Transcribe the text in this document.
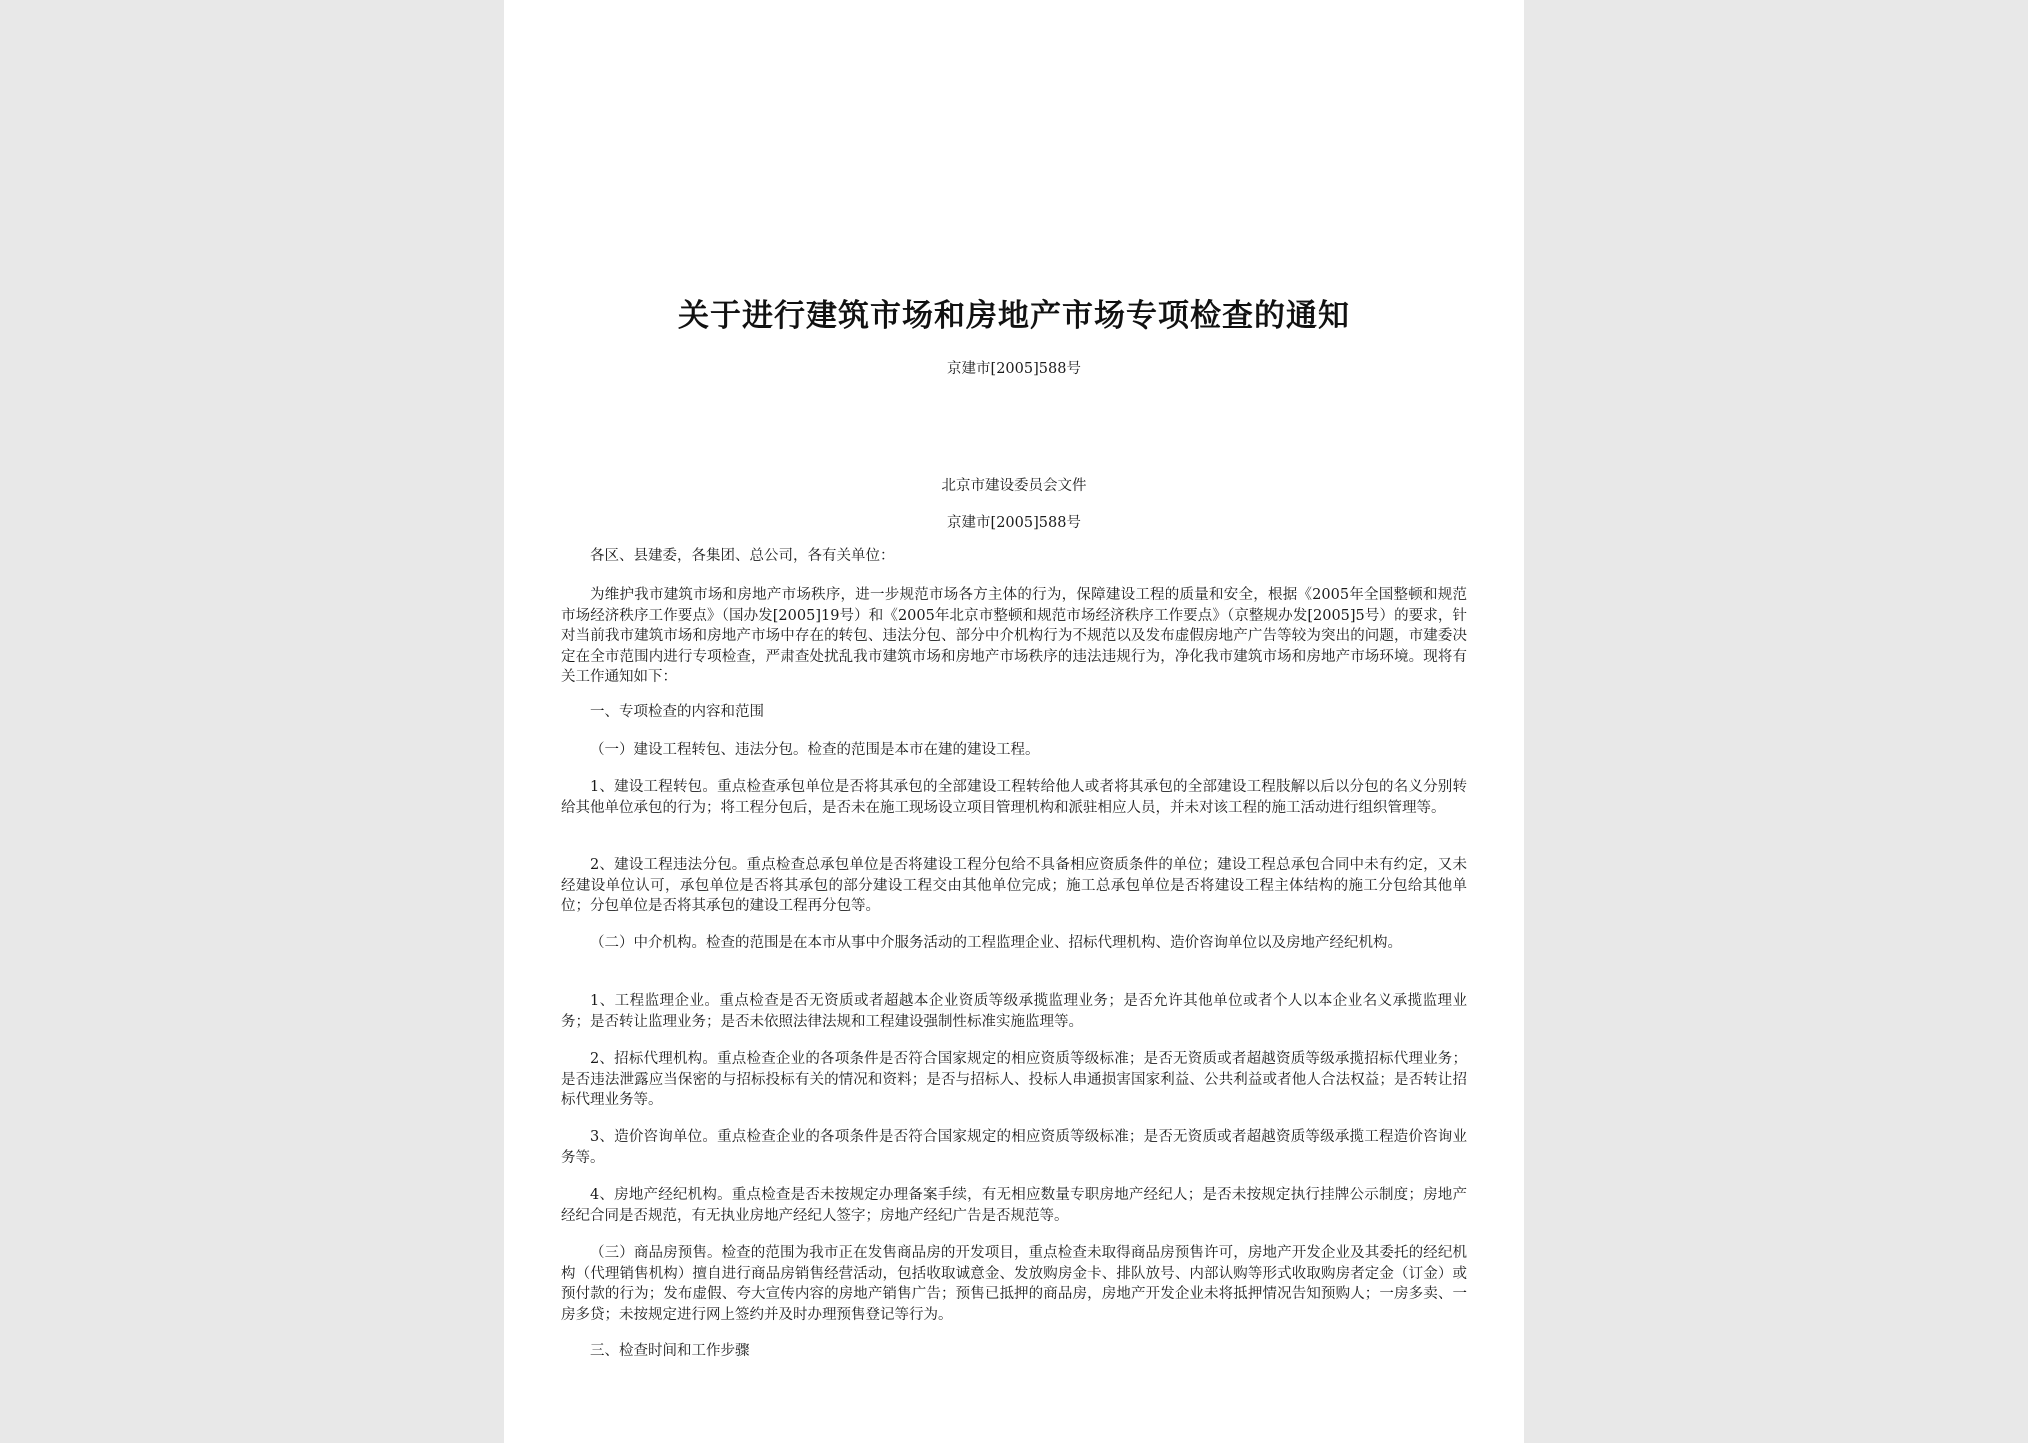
关于进行建筑市场和房地产市场专项检查的通知
京建市[2005]588号
北京市建设委员会文件
京建市[2005]588号
各区、县建委，各集团、总公司，各有关单位：
为维护我市建筑市场和房地产市场秩序，进一步规范市场各方主体的行为，保障建设工程的质量和安全，根据《2005年全国整顿和规范市场经济秩序工作要点》（国办发[2005]19号）和《2005年北京市整顿和规范市场经济秩序工作要点》（京整规办发[2005]5号）的要求，针对当前我市建筑市场和房地产市场中存在的转包、违法分包、部分中介机构行为不规范以及发布虚假房地产广告等较为突出的问题，市建委决定在全市范围内进行专项检查，严肃查处扰乱我市建筑市场和房地产市场秩序的违法违规行为，净化我市建筑市场和房地产市场环境。现将有关工作通知如下：
一、专项检查的内容和范围
（一）建设工程转包、违法分包。检查的范围是本市在建的建设工程。
1、建设工程转包。重点检查承包单位是否将其承包的全部建设工程转给他人或者将其承包的全部建设工程肢解以后以分包的名义分别转给其他单位承包的行为；将工程分包后，是否未在施工现场设立项目管理机构和派驻相应人员，并未对该工程的施工活动进行组织管理等。
2、建设工程违法分包。重点检查总承包单位是否将建设工程分包给不具备相应资质条件的单位；建设工程总承包合同中未有约定，又未经建设单位认可，承包单位是否将其承包的部分建设工程交由其他单位完成；施工总承包单位是否将建设工程主体结构的施工分包给其他单位；分包单位是否将其承包的建设工程再分包等。
（二）中介机构。检查的范围是在本市从事中介服务活动的工程监理企业、招标代理机构、造价咨询单位以及房地产经纪机构。
1、工程监理企业。重点检查是否无资质或者超越本企业资质等级承揽监理业务；是否允许其他单位或者个人以本企业名义承揽监理业务；是否转让监理业务；是否未依照法律法规和工程建设强制性标准实施监理等。
2、招标代理机构。重点检查企业的各项条件是否符合国家规定的相应资质等级标准；是否无资质或者超越资质等级承揽招标代理业务；是否违法泄露应当保密的与招标投标有关的情况和资料；是否与招标人、投标人串通损害国家利益、公共利益或者他人合法权益；是否转让招标代理业务等。
3、造价咨询单位。重点检查企业的各项条件是否符合国家规定的相应资质等级标准；是否无资质或者超越资质等级承揽工程造价咨询业务等。
4、房地产经纪机构。重点检查是否未按规定办理备案手续，有无相应数量专职房地产经纪人；是否未按规定执行挂牌公示制度；房地产经纪合同是否规范，有无执业房地产经纪人签字；房地产经纪广告是否规范等。
（三）商品房预售。检查的范围为我市正在发售商品房的开发项目，重点检查未取得商品房预售许可，房地产开发企业及其委托的经纪机构（代理销售机构）擅自进行商品房销售经营活动，包括收取诚意金、发放购房金卡、排队放号、内部认购等形式收取购房者定金（订金）或预付款的行为；发布虚假、夸大宣传内容的房地产销售广告；预售已抵押的商品房，房地产开发企业未将抵押情况告知预购人；一房多卖、一房多贷；未按规定进行网上签约并及时办理预售登记等行为。
三、检查时间和工作步骤
